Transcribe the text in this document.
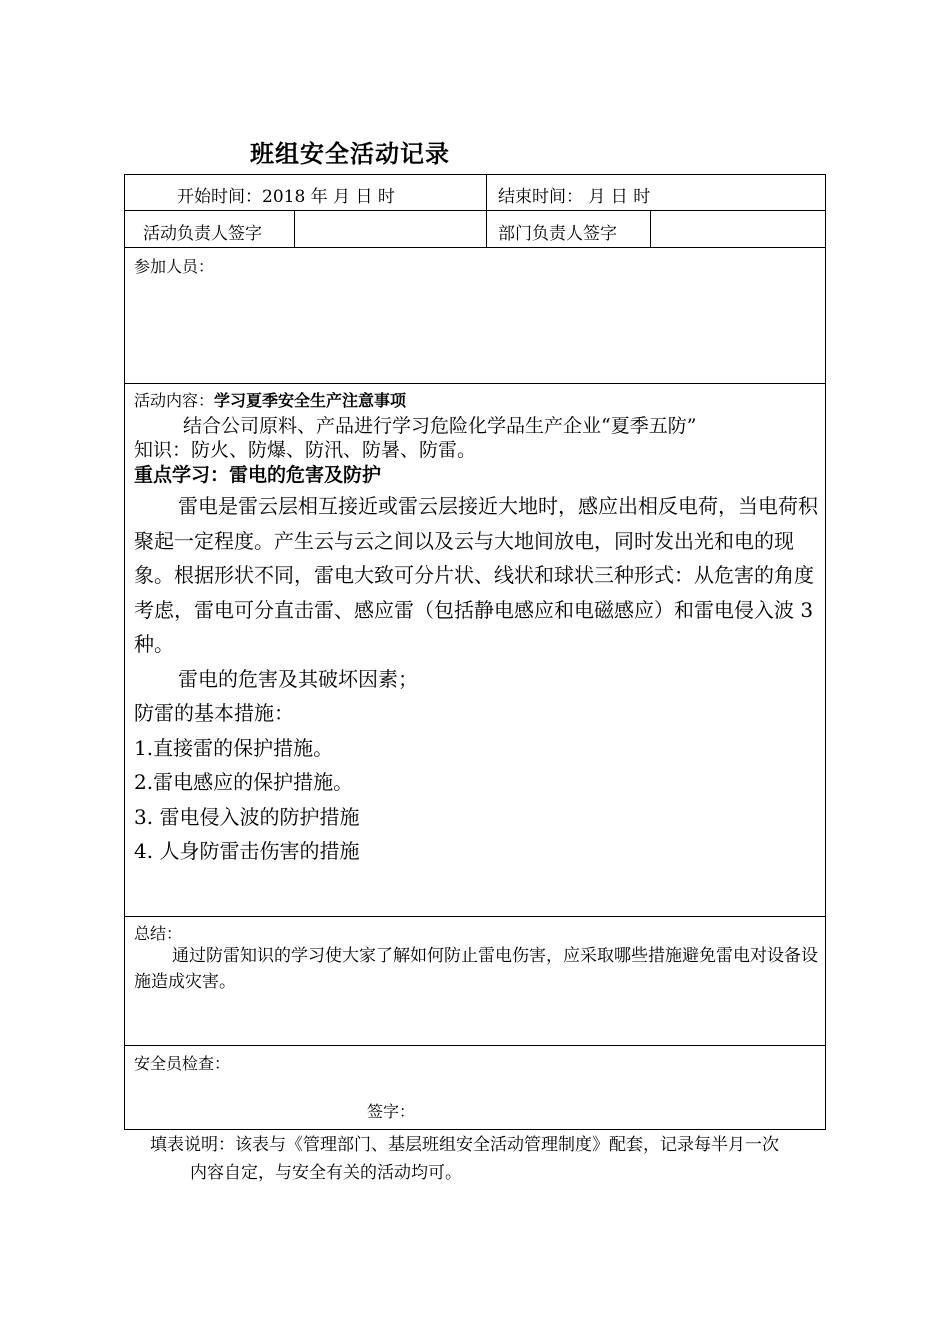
班组安全活动记录
开始时间：2018 年 月 日 时	结束时间： 月 日 时
活动负责人签字	部门负责人签字
参加人员：
活动内容：学习夏季安全生产注意事项
结合公司原料、产品进行学习危险化学品生产企业“夏季五防”
知识：防火、防爆、防汛、防暑、防雷。
重点学习：雷电的危害及防护

雷电是雷云层相互接近或雷云层接近大地时，感应出相反电荷，当电荷积聚起一定程度。产生云与云之间以及云与大地间放电，同时发出光和电的现象。根据形状不同，雷电大致可分片状、线状和球状三种形式：从危害的角度考虑，雷电可分直击雷、感应雷（包括静电感应和电磁感应）和雷电侵入波 3 种。

雷电的危害及其破坏因素；

防雷的基本措施：

1.直接雷的保护措施。

2.雷电感应的保护措施。

3. 雷电侵入波的防护措施

4. 人身防雷击伤害的措施

总结：
通过防雷知识的学习使大家了解如何防止雷电伤害，应采取哪些措施避免雷电对设备设施造成灾害。
安全员检查：
签字：
填表说明：该表与《管理部门、基层班组安全活动管理制度》配套，记录每半月一次
内容自定，与安全有关的活动均可。
